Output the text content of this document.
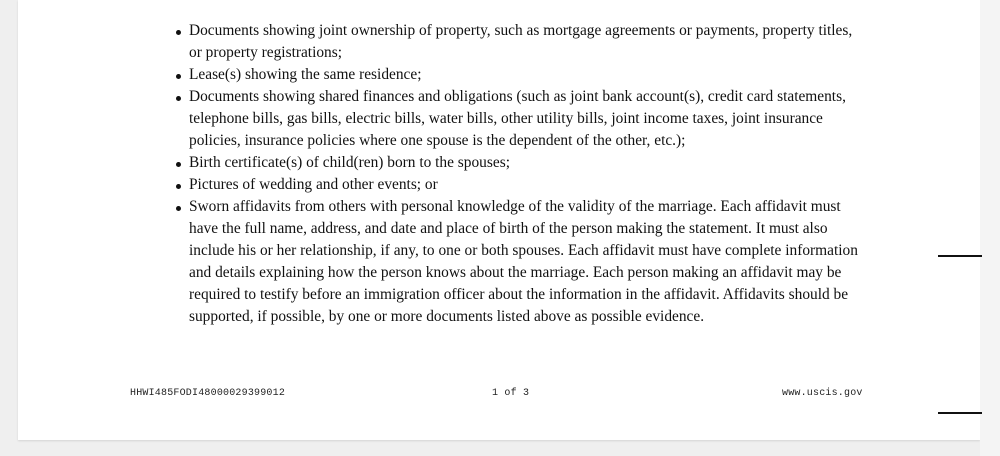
Documents showing joint ownership of property, such as mortgage agreements or payments, property titles, or property registrations;
Lease(s) showing the same residence;
Documents showing shared finances and obligations (such as joint bank account(s), credit card statements, telephone bills, gas bills, electric bills, water bills, other utility bills, joint income taxes, joint insurance policies, insurance policies where one spouse is the dependent of the other, etc.);
Birth certificate(s) of child(ren) born to the spouses;
Pictures of wedding and other events; or
Sworn affidavits from others with personal knowledge of the validity of the marriage. Each affidavit must have the full name, address, and date and place of birth of the person making the statement. It must also include his or her relationship, if any, to one or both spouses. Each affidavit must have complete information and details explaining how the person knows about the marriage. Each person making an affidavit may be required to testify before an immigration officer about the information in the affidavit. Affidavits should be supported, if possible, by one or more documents listed above as possible evidence.
HHWI485FODI48000029399012	1 of 3	www.uscis.gov
